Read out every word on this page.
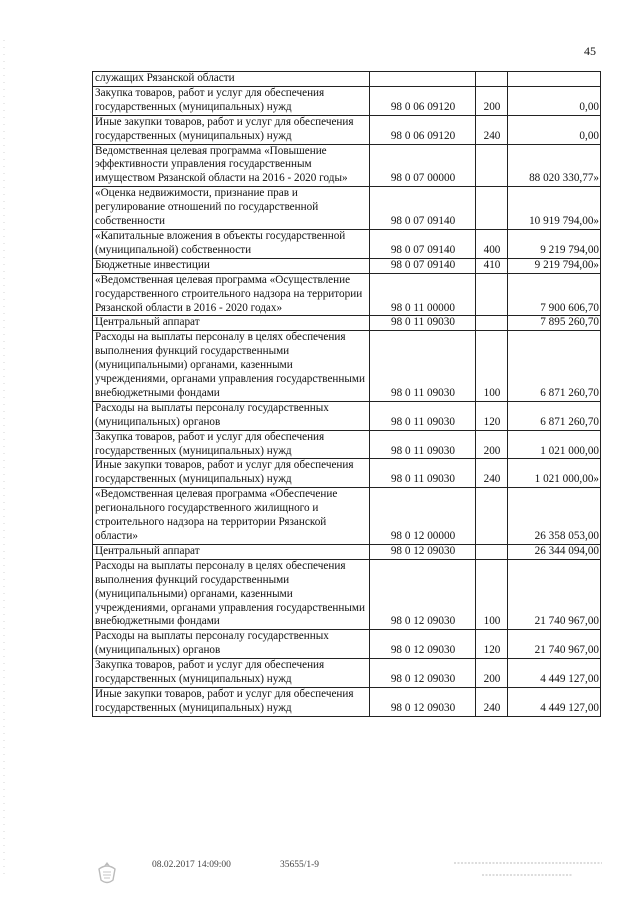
45
служащих Рязанской области			
Закупка товаров, работ и услуг для обеспечения государственных (муниципальных) нужд	98 0 06 09120	200	0,00
Иные закупки товаров, работ и услуг для обеспечения государственных (муниципальных) нужд	98 0 06 09120	240	0,00
Ведомственная целевая программа «Повышение эффективности управления государственным имуществом Рязанской области на 2016 - 2020 годы»	98 0 07 00000		88 020 330,77»
«Оценка недвижимости, признание прав и регулирование отношений по государственной собственности	98 0 07 09140		10 919 794,00»
«Капитальные вложения в объекты государственной (муниципальной) собственности	98 0 07 09140	400	9 219 794,00
Бюджетные инвестиции	98 0 07 09140	410	9 219 794,00»
«Ведомственная целевая программа «Осуществление государственного строительного надзора на территории Рязанской области в 2016 - 2020 годах»	98 0 11 00000		7 900 606,70
Центральный аппарат	98 0 11 09030		7 895 260,70
Расходы на выплаты персоналу в целях обеспечения выполнения функций государственными (муниципальными) органами, казенными учреждениями, органами управления государственными внебюджетными фондами	98 0 11 09030	100	6 871 260,70
Расходы на выплаты персоналу государственных (муниципальных) органов	98 0 11 09030	120	6 871 260,70
Закупка товаров, работ и услуг для обеспечения государственных (муниципальных) нужд	98 0 11 09030	200	1 021 000,00
Иные закупки товаров, работ и услуг для обеспечения государственных (муниципальных) нужд	98 0 11 09030	240	1 021 000,00»
«Ведомственная целевая программа «Обеспечение регионального государственного жилищного и строительного надзора на территории Рязанской области»	98 0 12 00000		26 358 053,00
Центральный аппарат	98 0 12 09030		26 344 094,00
Расходы на выплаты персоналу в целях обеспечения выполнения функций государственными (муниципальными) органами, казенными учреждениями, органами управления государственными внебюджетными фондами	98 0 12 09030	100	21 740 967,00
Расходы на выплаты персоналу государственных (муниципальных) органов	98 0 12 09030	120	21 740 967,00
Закупка товаров, работ и услуг для обеспечения государственных (муниципальных) нужд	98 0 12 09030	200	4 449 127,00
Иные закупки товаров, работ и услуг для обеспечения государственных (муниципальных) нужд	98 0 12 09030	240	4 449 127,00
08.02.2017 14:09:00	35655/1-9
